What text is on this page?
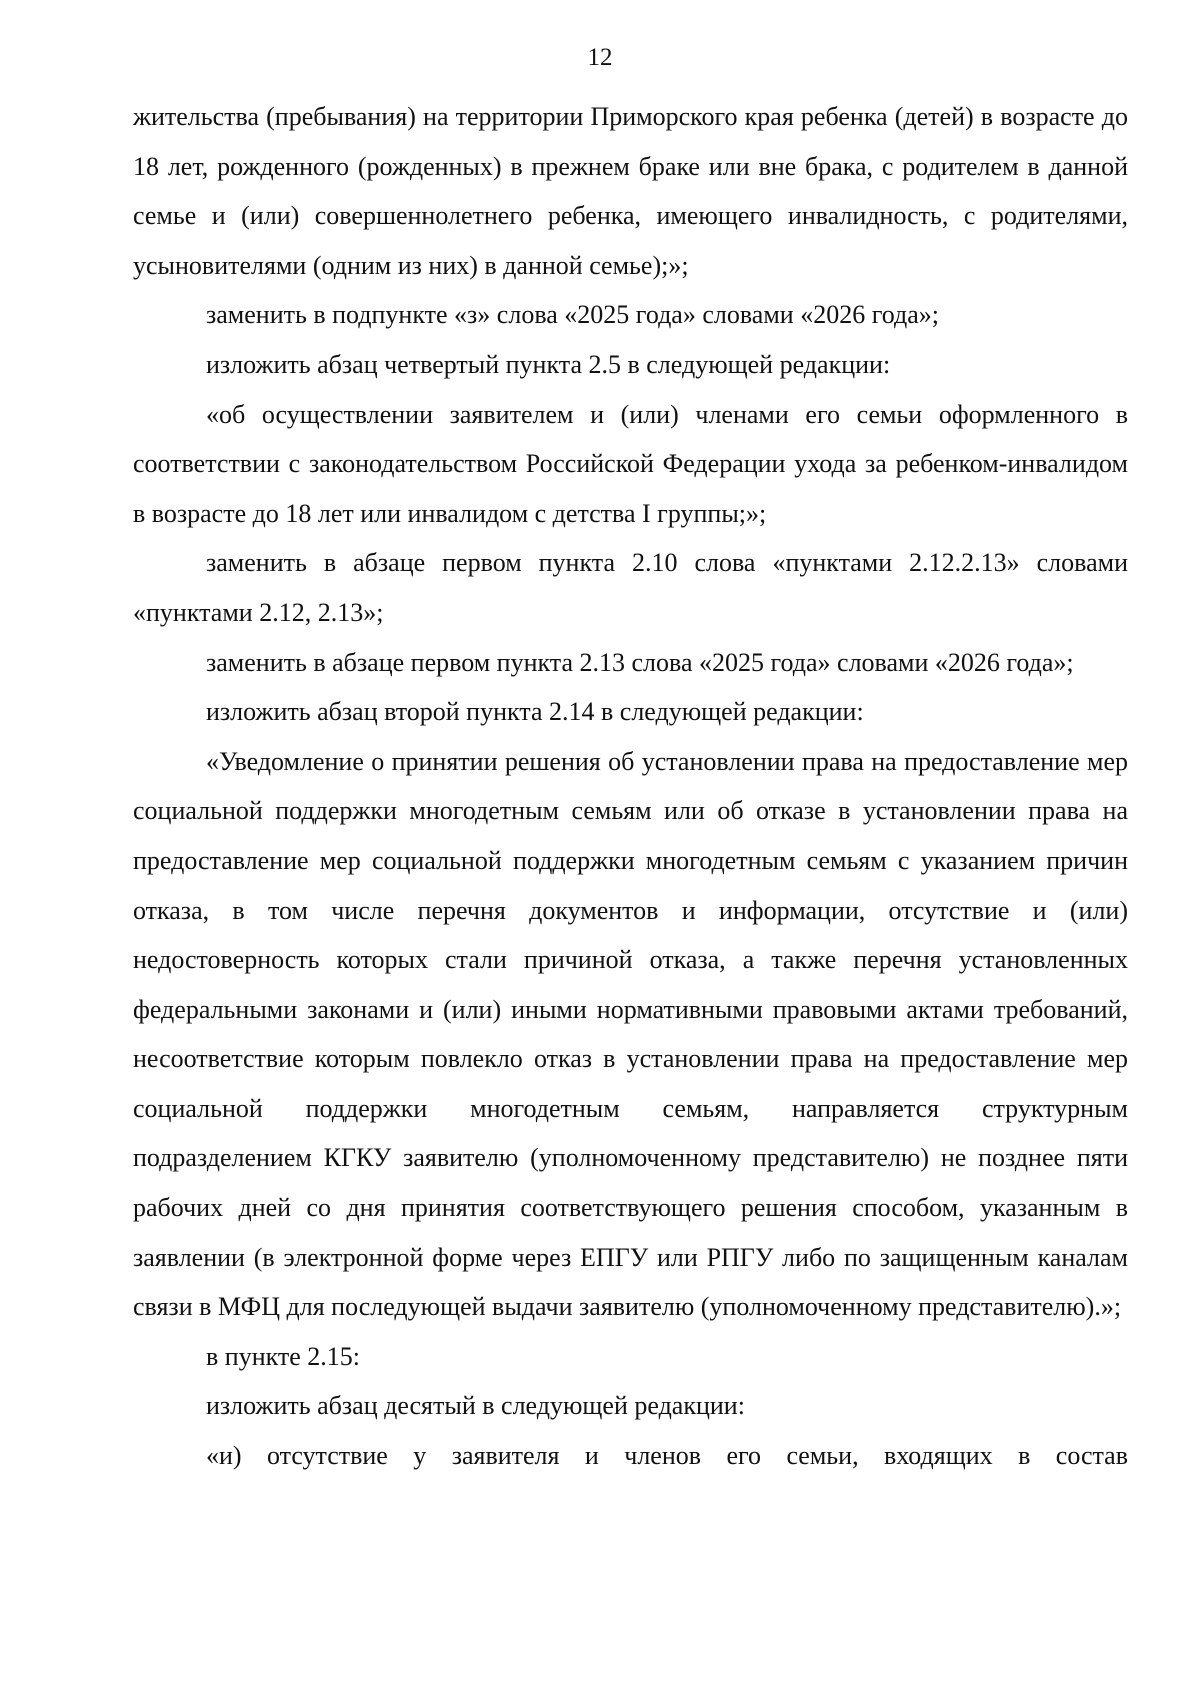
12

жительства (пребывания) на территории Приморского края ребенка (детей) в возрасте до 18 лет, рожденного (рожденных) в прежнем браке или вне брака, с родителем в данной семье и (или) совершеннолетнего ребенка, имеющего инвалидность, с родителями, усыновителями (одним из них) в данной семье);»;

заменить в подпункте «з» слова «2025 года» словами «2026 года»;

изложить абзац четвертый пункта 2.5 в следующей редакции:

«об осуществлении заявителем и (или) членами его семьи оформленного в соответствии с законодательством Российской Федерации ухода за ребенком-инвалидом в возрасте до 18 лет или инвалидом с детства I группы;»;

заменить в абзаце первом пункта 2.10 слова «пунктами 2.12.2.13» словами «пунктами 2.12, 2.13»;

заменить в абзаце первом пункта 2.13 слова «2025 года» словами «2026 года»;

изложить абзац второй пункта 2.14 в следующей редакции:

«Уведомление о принятии решения об установлении права на предоставление мер социальной поддержки многодетным семьям или об отказе в установлении права на предоставление мер социальной поддержки многодетным семьям с указанием причин отказа, в том числе перечня документов и информации, отсутствие и (или) недостоверность которых стали причиной отказа, а также перечня установленных федеральными законами и (или) иными нормативными правовыми актами требований, несоответствие которым повлекло отказ в установлении права на предоставление мер социальной поддержки многодетным семьям, направляется структурным подразделением КГКУ заявителю (уполномоченному представителю) не позднее пяти рабочих дней со дня принятия соответствующего решения способом, указанным в заявлении (в электронной форме через ЕПГУ или РПГУ либо по защищенным каналам связи в МФЦ для последующей выдачи заявителю (уполномоченному представителю).»;

в пункте 2.15:

изложить абзац десятый в следующей редакции:

«и) отсутствие у заявителя и членов его семьи, входящих в состав
